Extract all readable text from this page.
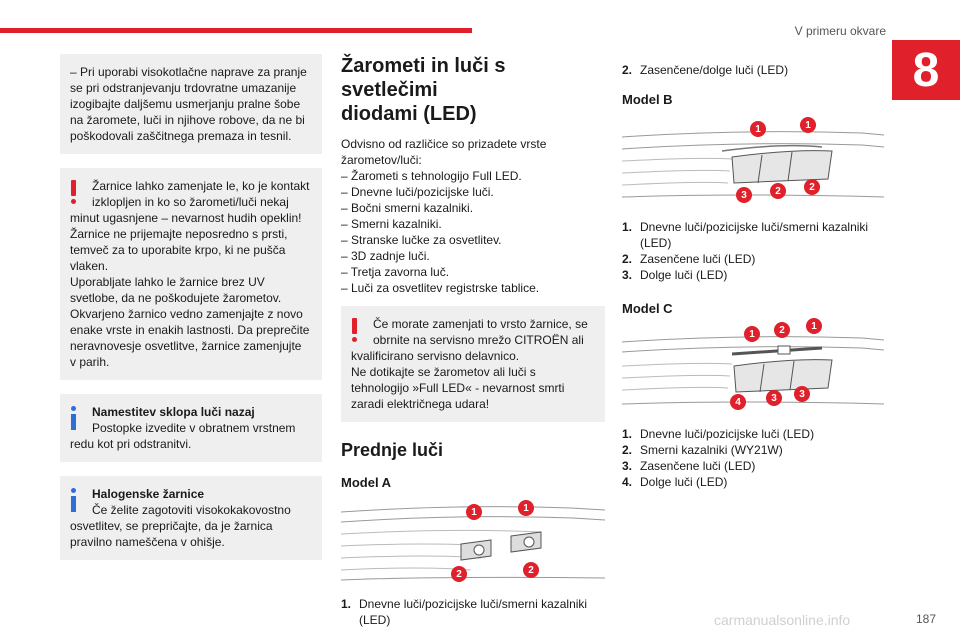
V primeru okvare
8
– Pri uporabi visokotlačne naprave za pranje
se pri odstranjevanju trdovratne umazanije
izogibajte daljšemu usmerjanju pralne šobe
na žaromete, luči in njihove robove, da ne bi
poškodovali zaščitnega premaza in tesnil.
Žarnice lahko zamenjate le, ko je kontakt
izklopljen in ko so žarometi/luči nekaj
minut ugasnjene – nevarnost hudih opeklin!
Žarnice ne prijemajte neposredno s prsti,
temveč za to uporabite krpo, ki ne pušča
vlaken.
Uporabljate lahko le žarnice brez UV
svetlobe, da ne poškodujete žarometov.
Okvarjeno žarnico vedno zamenjajte z novo
enake vrste in enakih lastnosti. Da preprečite
neravnovesje osvetlitve, žarnice zamenjujte
v parih.
Namestitev sklopa luči nazaj
Postopke izvedite v obratnem vrstnem
redu kot pri odstranitvi.
Halogenske žarnice
Če želite zagotoviti visokokakovostno
osvetlitev, se prepričajte, da je žarnica
pravilno nameščena v ohišje.
Žarometi in luči s svetlečimi
diodami (LED)

Odvisno od različice so prizadete vrste
žarometov/luči:

– Žarometi s tehnologijo Full LED.
– Dnevne luči/pozicijske luči.
– Bočni smerni kazalniki.
– Smerni kazalniki.
– Stranske lučke za osvetlitev.
– 3D zadnje luči.
– Tretja zavorna luč.
– Luči za osvetlitev registrske tablice.
Če morate zamenjati to vrsto žarnice, se
obrnite na servisno mrežo CITROËN ali
kvalificirano servisno delavnico.
Ne dotikajte se žarometov ali luči s
tehnologijo »Full LED« - nevarnost smrti
zaradi električnega udara!
Prednje luči
Model A
1	1
2	2
1. Dnevne luči/pozicijske luči/smerni kazalniki
(LED)
2. Zasenčene/dolge luči (LED)
Model B
1	1
3	2	2
1. Dnevne luči/pozicijske luči/smerni kazalniki
(LED)
2. Zasenčene luči (LED)
3. Dolge luči (LED)
Model C
1	2	1
4	3	3
1. Dnevne luči/pozicijske luči (LED)
2. Smerni kazalniki (WY21W)
3. Zasenčene luči (LED)
4. Dolge luči (LED)
carmanualsonline.info	187
